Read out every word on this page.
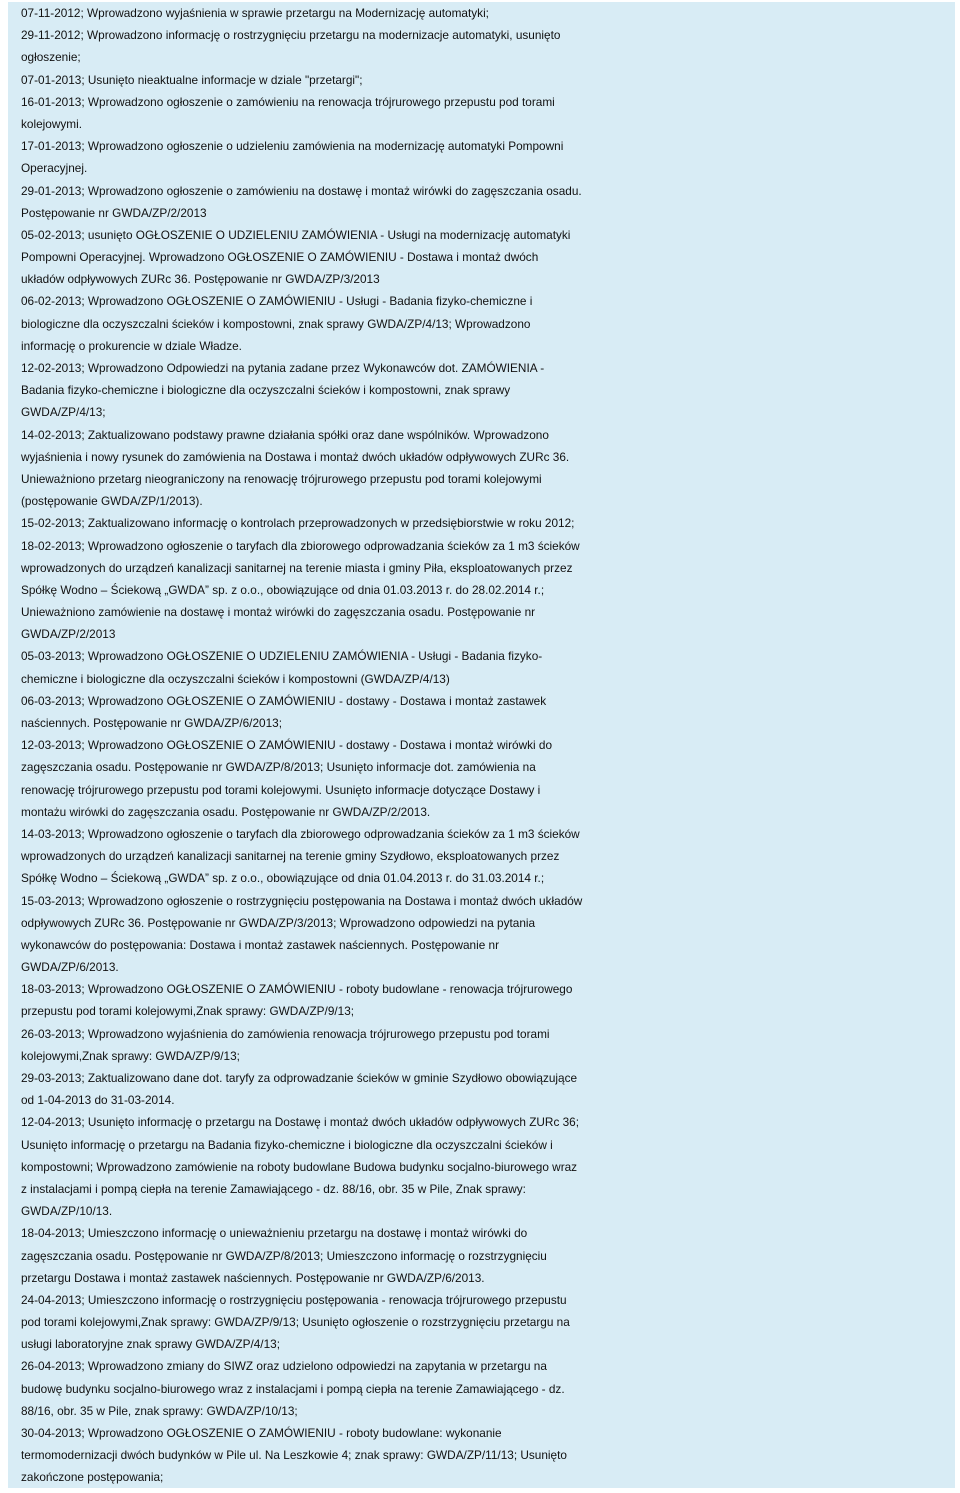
07-11-2012; Wprowadzono wyjaśnienia w sprawie przetargu na Modernizację automatyki;
29-11-2012; Wprowadzono informację o rostrzygnięciu przetargu na modernizacje automatyki, usunięto
ogłoszenie;
07-01-2013; Usunięto nieaktualne informacje w dziale "przetargi";
16-01-2013; Wprowadzono ogłoszenie o zamówieniu na renowacja trójrurowego przepustu pod torami
kolejowymi.
17-01-2013; Wprowadzono ogłoszenie o udzieleniu zamówienia na modernizację automatyki Pompowni
Operacyjnej.
29-01-2013; Wprowadzono ogłoszenie o zamówieniu na dostawę i montaż wirówki do zagęszczania osadu.
Postępowanie nr GWDA/ZP/2/2013
05-02-2013; usunięto OGŁOSZENIE O UDZIELENIU ZAMÓWIENIA - Usługi na modernizację automatyki
Pompowni Operacyjnej. Wprowadzono OGŁOSZENIE O ZAMÓWIENIU - Dostawa i montaż dwóch
układów odpływowych ZURc 36. Postępowanie nr GWDA/ZP/3/2013
06-02-2013; Wprowadzono OGŁOSZENIE O ZAMÓWIENIU - Usługi - Badania fizyko-chemiczne i
biologiczne dla oczyszczalni ścieków i kompostowni, znak sprawy GWDA/ZP/4/13; Wprowadzono
informację o prokurencie w dziale Władze.
12-02-2013; Wprowadzono Odpowiedzi na pytania zadane przez Wykonawców dot. ZAMÓWIENIA -
Badania fizyko-chemiczne i biologiczne dla oczyszczalni ścieków i kompostowni, znak sprawy
GWDA/ZP/4/13;
14-02-2013; Zaktualizowano podstawy prawne działania spółki oraz dane wspólników. Wprowadzono
wyjaśnienia i nowy rysunek do zamówienia na Dostawa i montaż dwóch układów odpływowych ZURc 36.
Unieważniono przetarg nieograniczony na renowację trójrurowego przepustu pod torami kolejowymi
(postępowanie GWDA/ZP/1/2013).
15-02-2013; Zaktualizowano informację o kontrolach przeprowadzonych w przedsiębiorstwie w roku 2012;
18-02-2013; Wprowadzono ogłoszenie o taryfach dla zbiorowego odprowadzania ścieków za 1 m3 ścieków
wprowadzonych do urządzeń kanalizacji sanitarnej na terenie miasta i gminy Piła, eksploatowanych przez
Spółkę Wodno – Ściekową „GWDA” sp. z o.o., obowiązujące od dnia 01.03.2013 r. do 28.02.2014 r.;
Unieważniono zamówienie na dostawę i montaż wirówki do zagęszczania osadu. Postępowanie nr
GWDA/ZP/2/2013
05-03-2013; Wprowadzono OGŁOSZENIE O UDZIELENIU ZAMÓWIENIA - Usługi - Badania fizyko-
chemiczne i biologiczne dla oczyszczalni ścieków i kompostowni (GWDA/ZP/4/13)
06-03-2013; Wprowadzono OGŁOSZENIE O ZAMÓWIENIU - dostawy - Dostawa i montaż zastawek
naściennych. Postępowanie nr GWDA/ZP/6/2013;
12-03-2013; Wprowadzono OGŁOSZENIE O ZAMÓWIENIU - dostawy - Dostawa i montaż wirówki do
zagęszczania osadu. Postępowanie nr GWDA/ZP/8/2013; Usunięto informacje dot. zamówienia na
renowację trójrurowego przepustu pod torami kolejowymi. Usunięto informacje dotyczące Dostawy i
montażu wirówki do zagęszczania osadu. Postępowanie nr GWDA/ZP/2/2013.
14-03-2013; Wprowadzono ogłoszenie o taryfach dla zbiorowego odprowadzania ścieków za 1 m3 ścieków
wprowadzonych do urządzeń kanalizacji sanitarnej na terenie gminy Szydłowo, eksploatowanych przez
Spółkę Wodno – Ściekową „GWDA” sp. z o.o., obowiązujące od dnia 01.04.2013 r. do 31.03.2014 r.;
15-03-2013; Wprowadzono ogłoszenie o rostrzygnięciu postępowania na Dostawa i montaż dwóch układów
odpływowych ZURc 36. Postępowanie nr GWDA/ZP/3/2013; Wprowadzono odpowiedzi na pytania
wykonawców do postępowania: Dostawa i montaż zastawek naściennych. Postępowanie nr
GWDA/ZP/6/2013.
18-03-2013; Wprowadzono OGŁOSZENIE O ZAMÓWIENIU - roboty budowlane - renowacja trójrurowego
przepustu pod torami kolejowymi,Znak sprawy: GWDA/ZP/9/13;
26-03-2013; Wprowadzono wyjaśnienia do zamówienia renowacja trójrurowego przepustu pod torami
kolejowymi,Znak sprawy: GWDA/ZP/9/13;
29-03-2013; Zaktualizowano dane dot. taryfy za odprowadzanie ścieków w gminie Szydłowo obowiązujące
od 1-04-2013 do 31-03-2014.
12-04-2013; Usunięto informację o przetargu na Dostawę i montaż dwóch układów odpływowych ZURc 36;
Usunięto informację o przetargu na Badania fizyko-chemiczne i biologiczne dla oczyszczalni ścieków i
kompostowni; Wprowadzono zamówienie na roboty budowlane Budowa budynku socjalno-biurowego wraz
z instalacjami i pompą ciepła na terenie Zamawiającego - dz. 88/16, obr. 35 w Pile, Znak sprawy:
GWDA/ZP/10/13.
18-04-2013; Umieszczono informację o unieważnieniu przetargu na dostawę i montaż wirówki do
zagęszczania osadu. Postępowanie nr GWDA/ZP/8/2013; Umieszczono informację o rozstrzygnięciu
przetargu Dostawa i montaż zastawek naściennych. Postępowanie nr GWDA/ZP/6/2013.
24-04-2013; Umieszczono informację o rostrzygnięciu postępowania - renowacja trójrurowego przepustu
pod torami kolejowymi,Znak sprawy: GWDA/ZP/9/13; Usunięto ogłoszenie o rozstrzygnięciu przetargu na
usługi laboratoryjne znak sprawy GWDA/ZP/4/13;
26-04-2013; Wprowadzono zmiany do SIWZ oraz udzielono odpowiedzi na zapytania w przetargu na
budowę budynku socjalno-biurowego wraz z instalacjami i pompą ciepła na terenie Zamawiającego - dz.
88/16, obr. 35 w Pile, znak sprawy: GWDA/ZP/10/13;
30-04-2013; Wprowadzono OGŁOSZENIE O ZAMÓWIENIU - roboty budowlane: wykonanie
termomodernizacji dwóch budynków w Pile ul. Na Leszkowie 4; znak sprawy: GWDA/ZP/11/13; Usunięto
zakończone postępowania;
